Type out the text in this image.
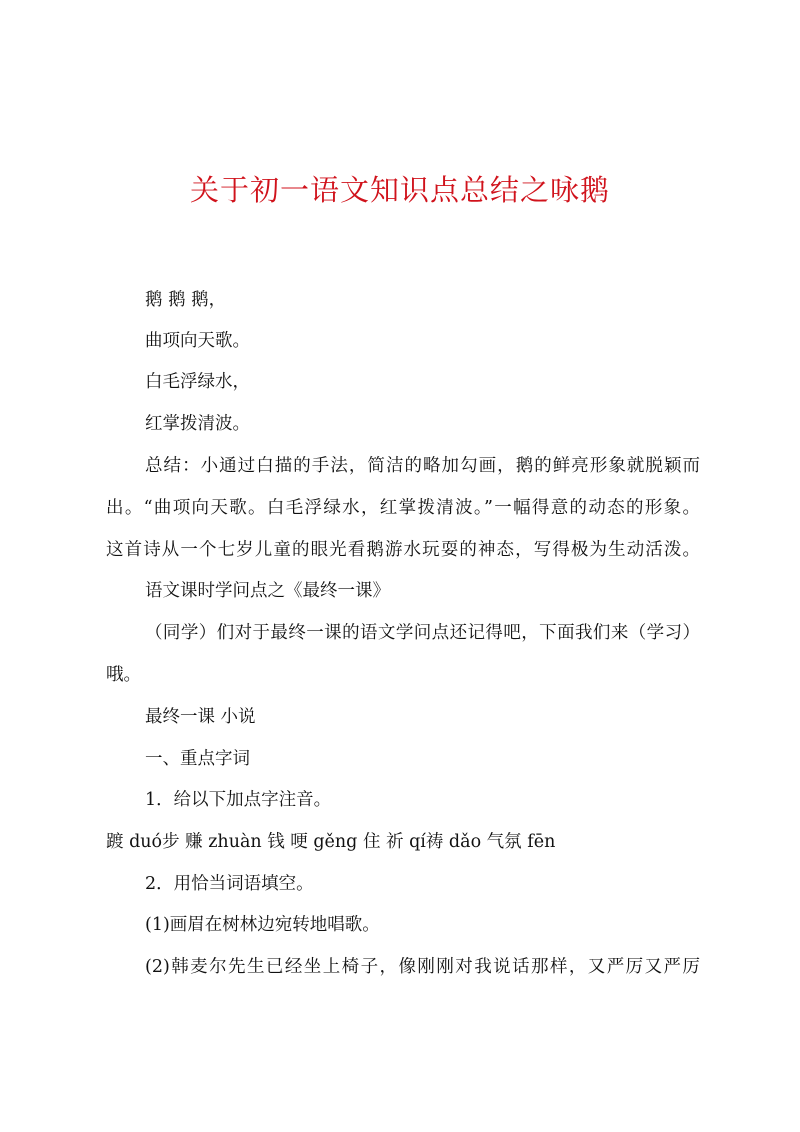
关于初一语文知识点总结之咏鹅
鹅 鹅 鹅，
曲项向天歌。
白毛浮绿水，
红掌拨清波。
总结：小通过白描的手法，简洁的略加勾画，鹅的鲜亮形象就脱颖而
出。“曲项向天歌。白毛浮绿水，红掌拨清波。”一幅得意的动态的形象。
这首诗从一个七岁儿童的眼光看鹅游水玩耍的神态，写得极为生动活泼。
语文课时学问点之《最终一课》
（同学）们对于最终一课的语文学问点还记得吧，下面我们来（学习）
哦。
最终一课 小说
一、重点字词
1．给以下加点字注音。
踱 duó步 赚 zhuàn 钱 哽 gěng 住 祈 qí祷 dǎo 气氛 fēn
2．用恰当词语填空。
(1)画眉在树林边宛转地唱歌。
(2)韩麦尔先生已经坐上椅子，像刚刚对我说话那样，又严厉又严厉
